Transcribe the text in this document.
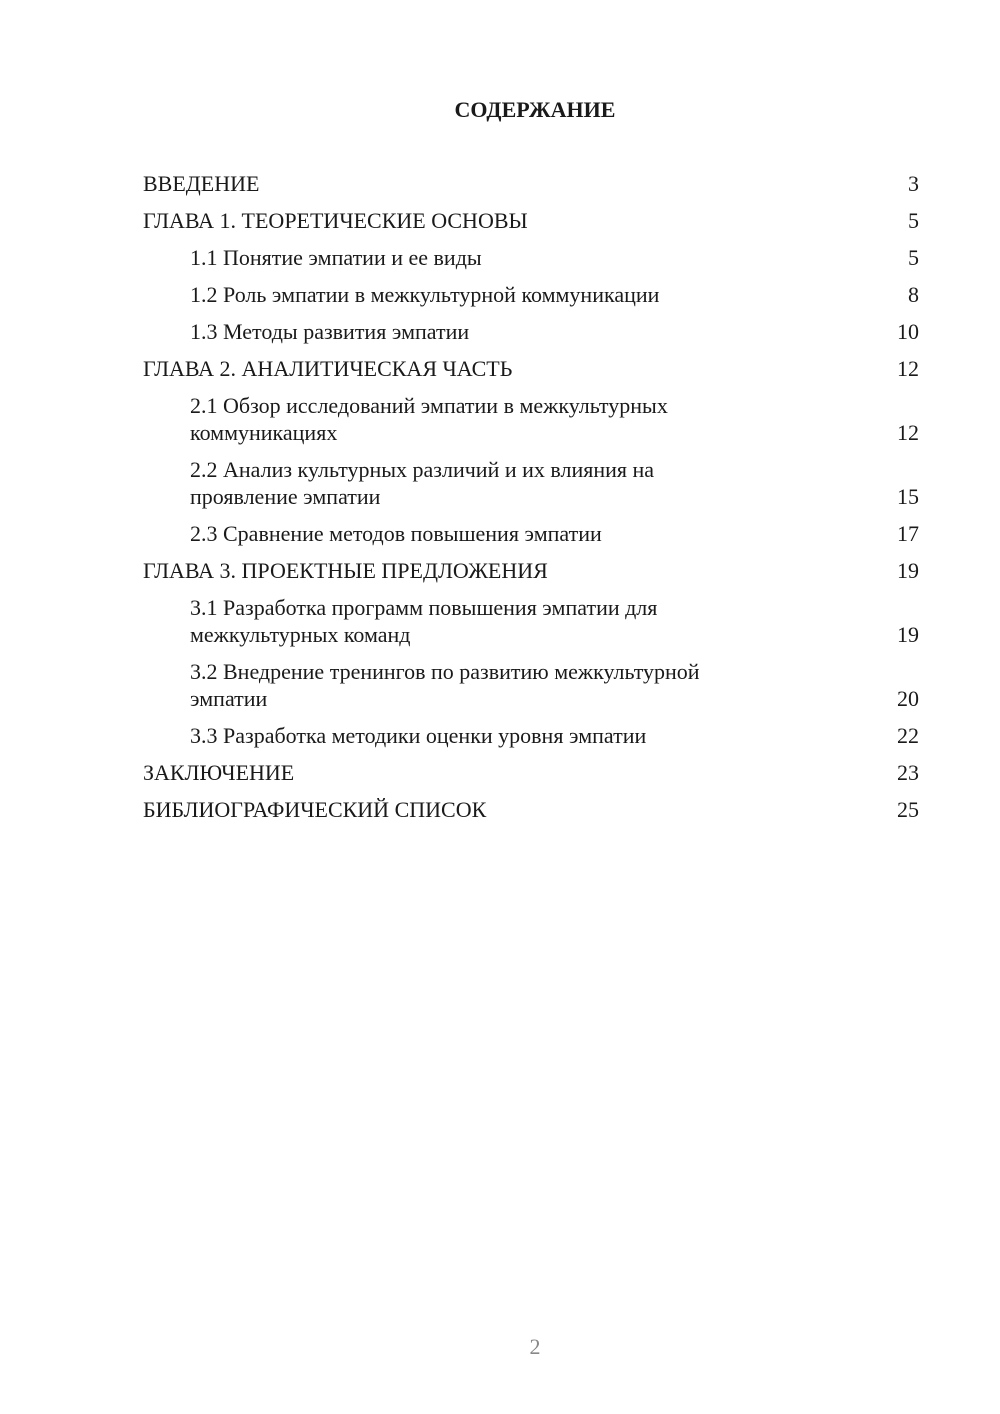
СОДЕРЖАНИЕ
ВВЕДЕНИЕ	3
ГЛАВА 1. ТЕОРЕТИЧЕСКИЕ ОСНОВЫ	5
1.1 Понятие эмпатии и ее виды	5
1.2 Роль эмпатии в межкультурной коммуникации	8
1.3 Методы развития эмпатии	10
ГЛАВА 2. АНАЛИТИЧЕСКАЯ ЧАСТЬ	12
2.1 Обзор исследований эмпатии в межкультурных
коммуникациях	12
2.2 Анализ культурных различий и их влияния на
проявление эмпатии	15
2.3 Сравнение методов повышения эмпатии	17
ГЛАВА 3. ПРОЕКТНЫЕ ПРЕДЛОЖЕНИЯ	19
3.1 Разработка программ повышения эмпатии для
межкультурных команд	19
3.2 Внедрение тренингов по развитию межкультурной
эмпатии	20
3.3 Разработка методики оценки уровня эмпатии	22
ЗАКЛЮЧЕНИЕ	23
БИБЛИОГРАФИЧЕСКИЙ СПИСОК	25
2
